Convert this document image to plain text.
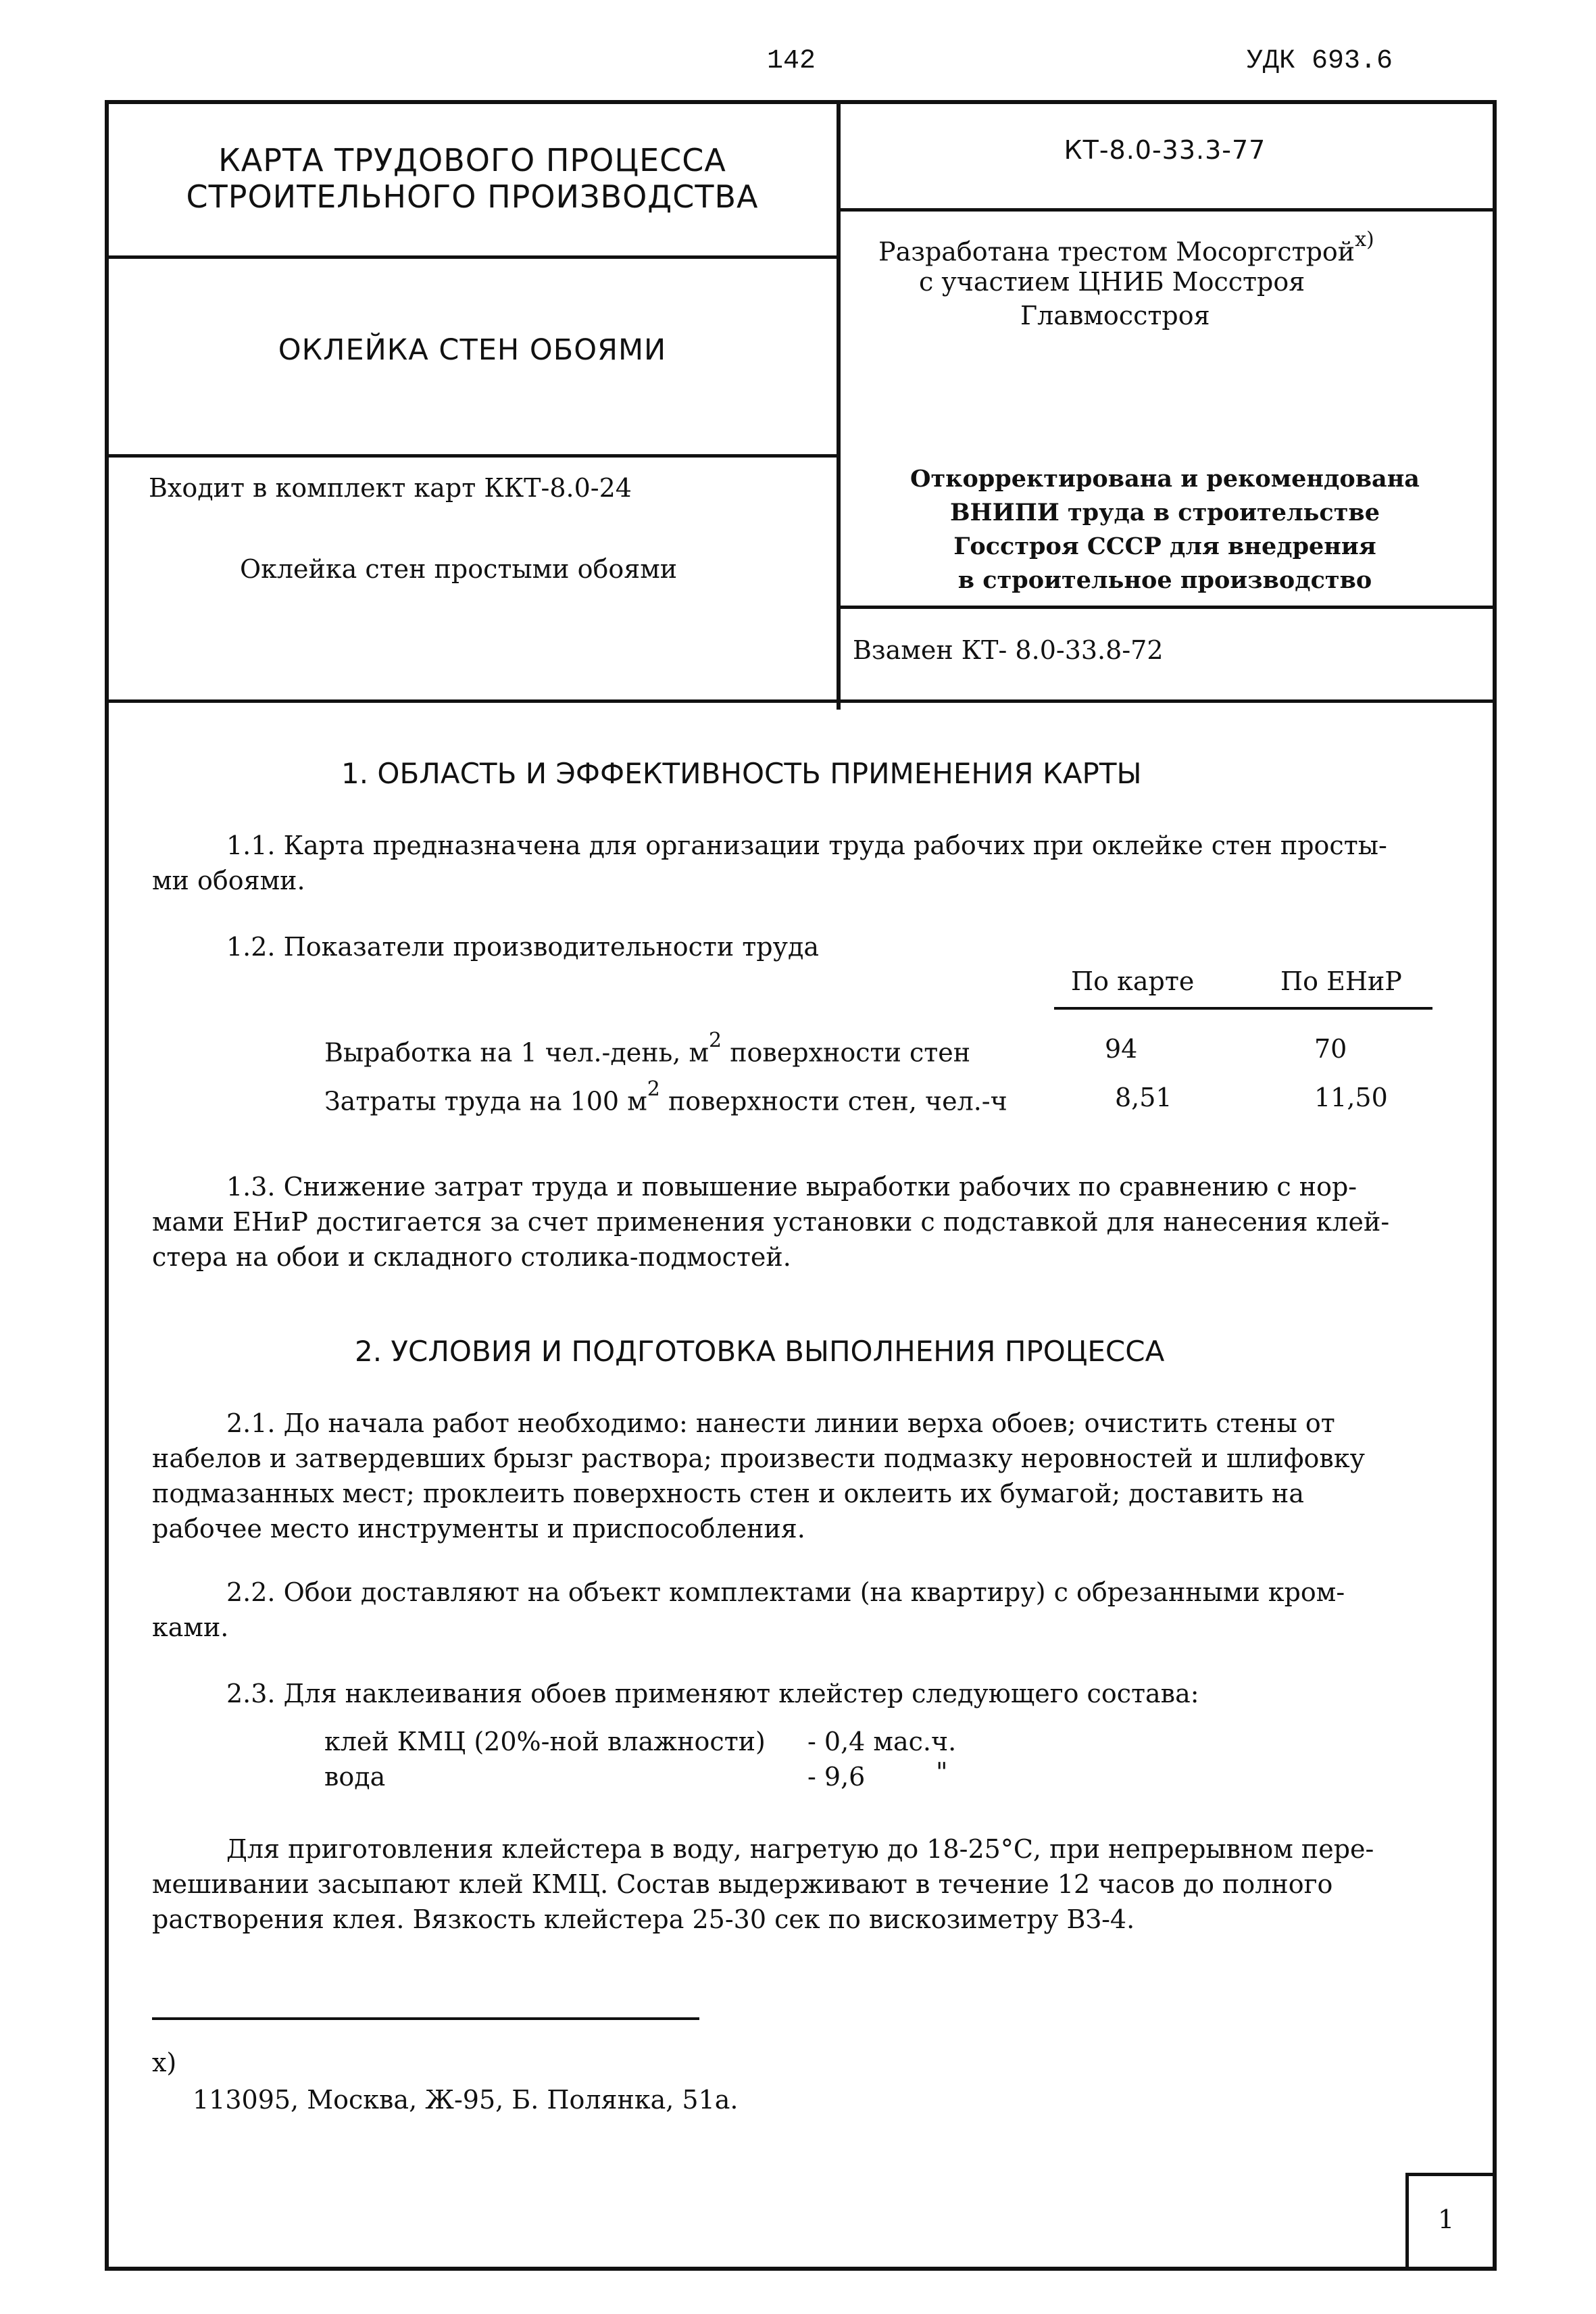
142	УДК 693.6
КАРТА ТРУДОВОГО ПРОЦЕССА
СТРОИТЕЛЬНОГО ПРОИЗВОДСТВА
ОКЛЕЙКА СТЕН ОБОЯМИ
Входит в комплект карт ККТ-8.0-24
Оклейка стен простыми обоями
КТ-8.0-33.3-77
Разработана трестом Мосоргстрой$^{x)}$
с участием ЦНИБ Мосстроя
Главмосстроя
Откорректирована и рекомендована
ВНИПИ труда в строительстве
Госстроя СССР для внедрения
в строительное производство
Взамен КТ- 8.0-33.8-72
1. ОБЛАСТЬ И ЭФФЕКТИВНОСТЬ ПРИМЕНЕНИЯ КАРТЫ
1.1. Карта предназначена для организации труда рабочих при оклейке стен просты-
ми обоями.
1.2. Показатели производительности труда
По карте	По ЕНиР
Выработка на 1 чел.-день, $м^2$ поверхности стен	94	70
Затраты труда на 100 $м^2$ поверхности стен, чел.-ч	8,51	11,50
1.3. Снижение затрат труда и повышение выработки рабочих по сравнению с нор-
мами ЕНиР достигается за счет применения установки с подставкой для нанесения клей-
стера на обои и складного столика-подмостей.
2. УСЛОВИЯ И ПОДГОТОВКА ВЫПОЛНЕНИЯ ПРОЦЕССА
2.1. До начала работ необходимо: нанести линии верха обоев; очистить стены от
набелов и затвердевших брызг раствора; произвести подмазку неровностей и шлифовку
подмазанных мест; проклеить поверхность стен и оклеить их бумагой; доставить на
рабочее место инструменты и приспособления.
2.2. Обои доставляют на объект комплектами (на квартиру) с обрезанными кром-
ками.
2.3. Для наклеивания обоев применяют клейстер следующего состава:
клей КМЦ (20%-ной влажности) - 0,4 мас.ч.
вода	- 9,6	"
Для приготовления клейстера в воду, нагретую до 18-25°С, при непрерывном пере-
мешивании засыпают клей КМЦ. Состав выдерживают в течение 12 часов до полного
растворения клея. Вязкость клейстера 25-30 сек по вискозиметру ВЗ-4.
x)
113095, Москва, Ж-95, Б. Полянка, 51а.
1
